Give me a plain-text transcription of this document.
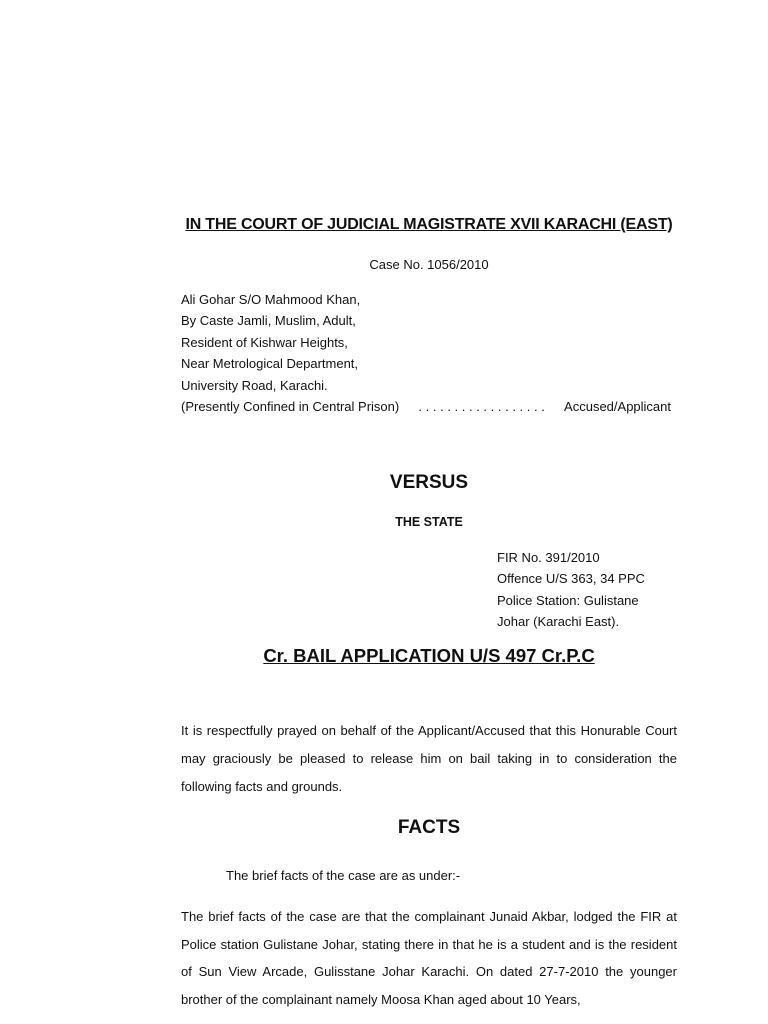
IN THE COURT OF JUDICIAL MAGISTRATE XVII KARACHI (EAST)
Case No. 1056/2010
Ali Gohar S/O Mahmood Khan,
By Caste Jamli, Muslim, Adult,
Resident of Kishwar Heights,
Near Metrological Department,
University Road, Karachi.
(Presently Confined in Central Prison) . . . . . . . . . . . . . . . . . . Accused/Applicant
VERSUS
THE STATE
FIR No. 391/2010
Offence U/S 363, 34 PPC
Police Station: Gulistane
Johar (Karachi East).
Cr. BAIL APPLICATION U/S 497 Cr.P.C

It is respectfully prayed on behalf of the Applicant/Accused that this Honurable Court may graciously be pleased to release him on bail taking in to consideration the following facts and grounds.

FACTS
The brief facts of the case are as under:-

The brief facts of the case are that the complainant Junaid Akbar, lodged the FIR at Police station Gulistane Johar, stating there in that he is a student and is the resident of Sun View Arcade, Gulisstane Johar Karachi. On dated 27-7-2010 the younger brother of the complainant namely Moosa Khan aged about 10 Years,
